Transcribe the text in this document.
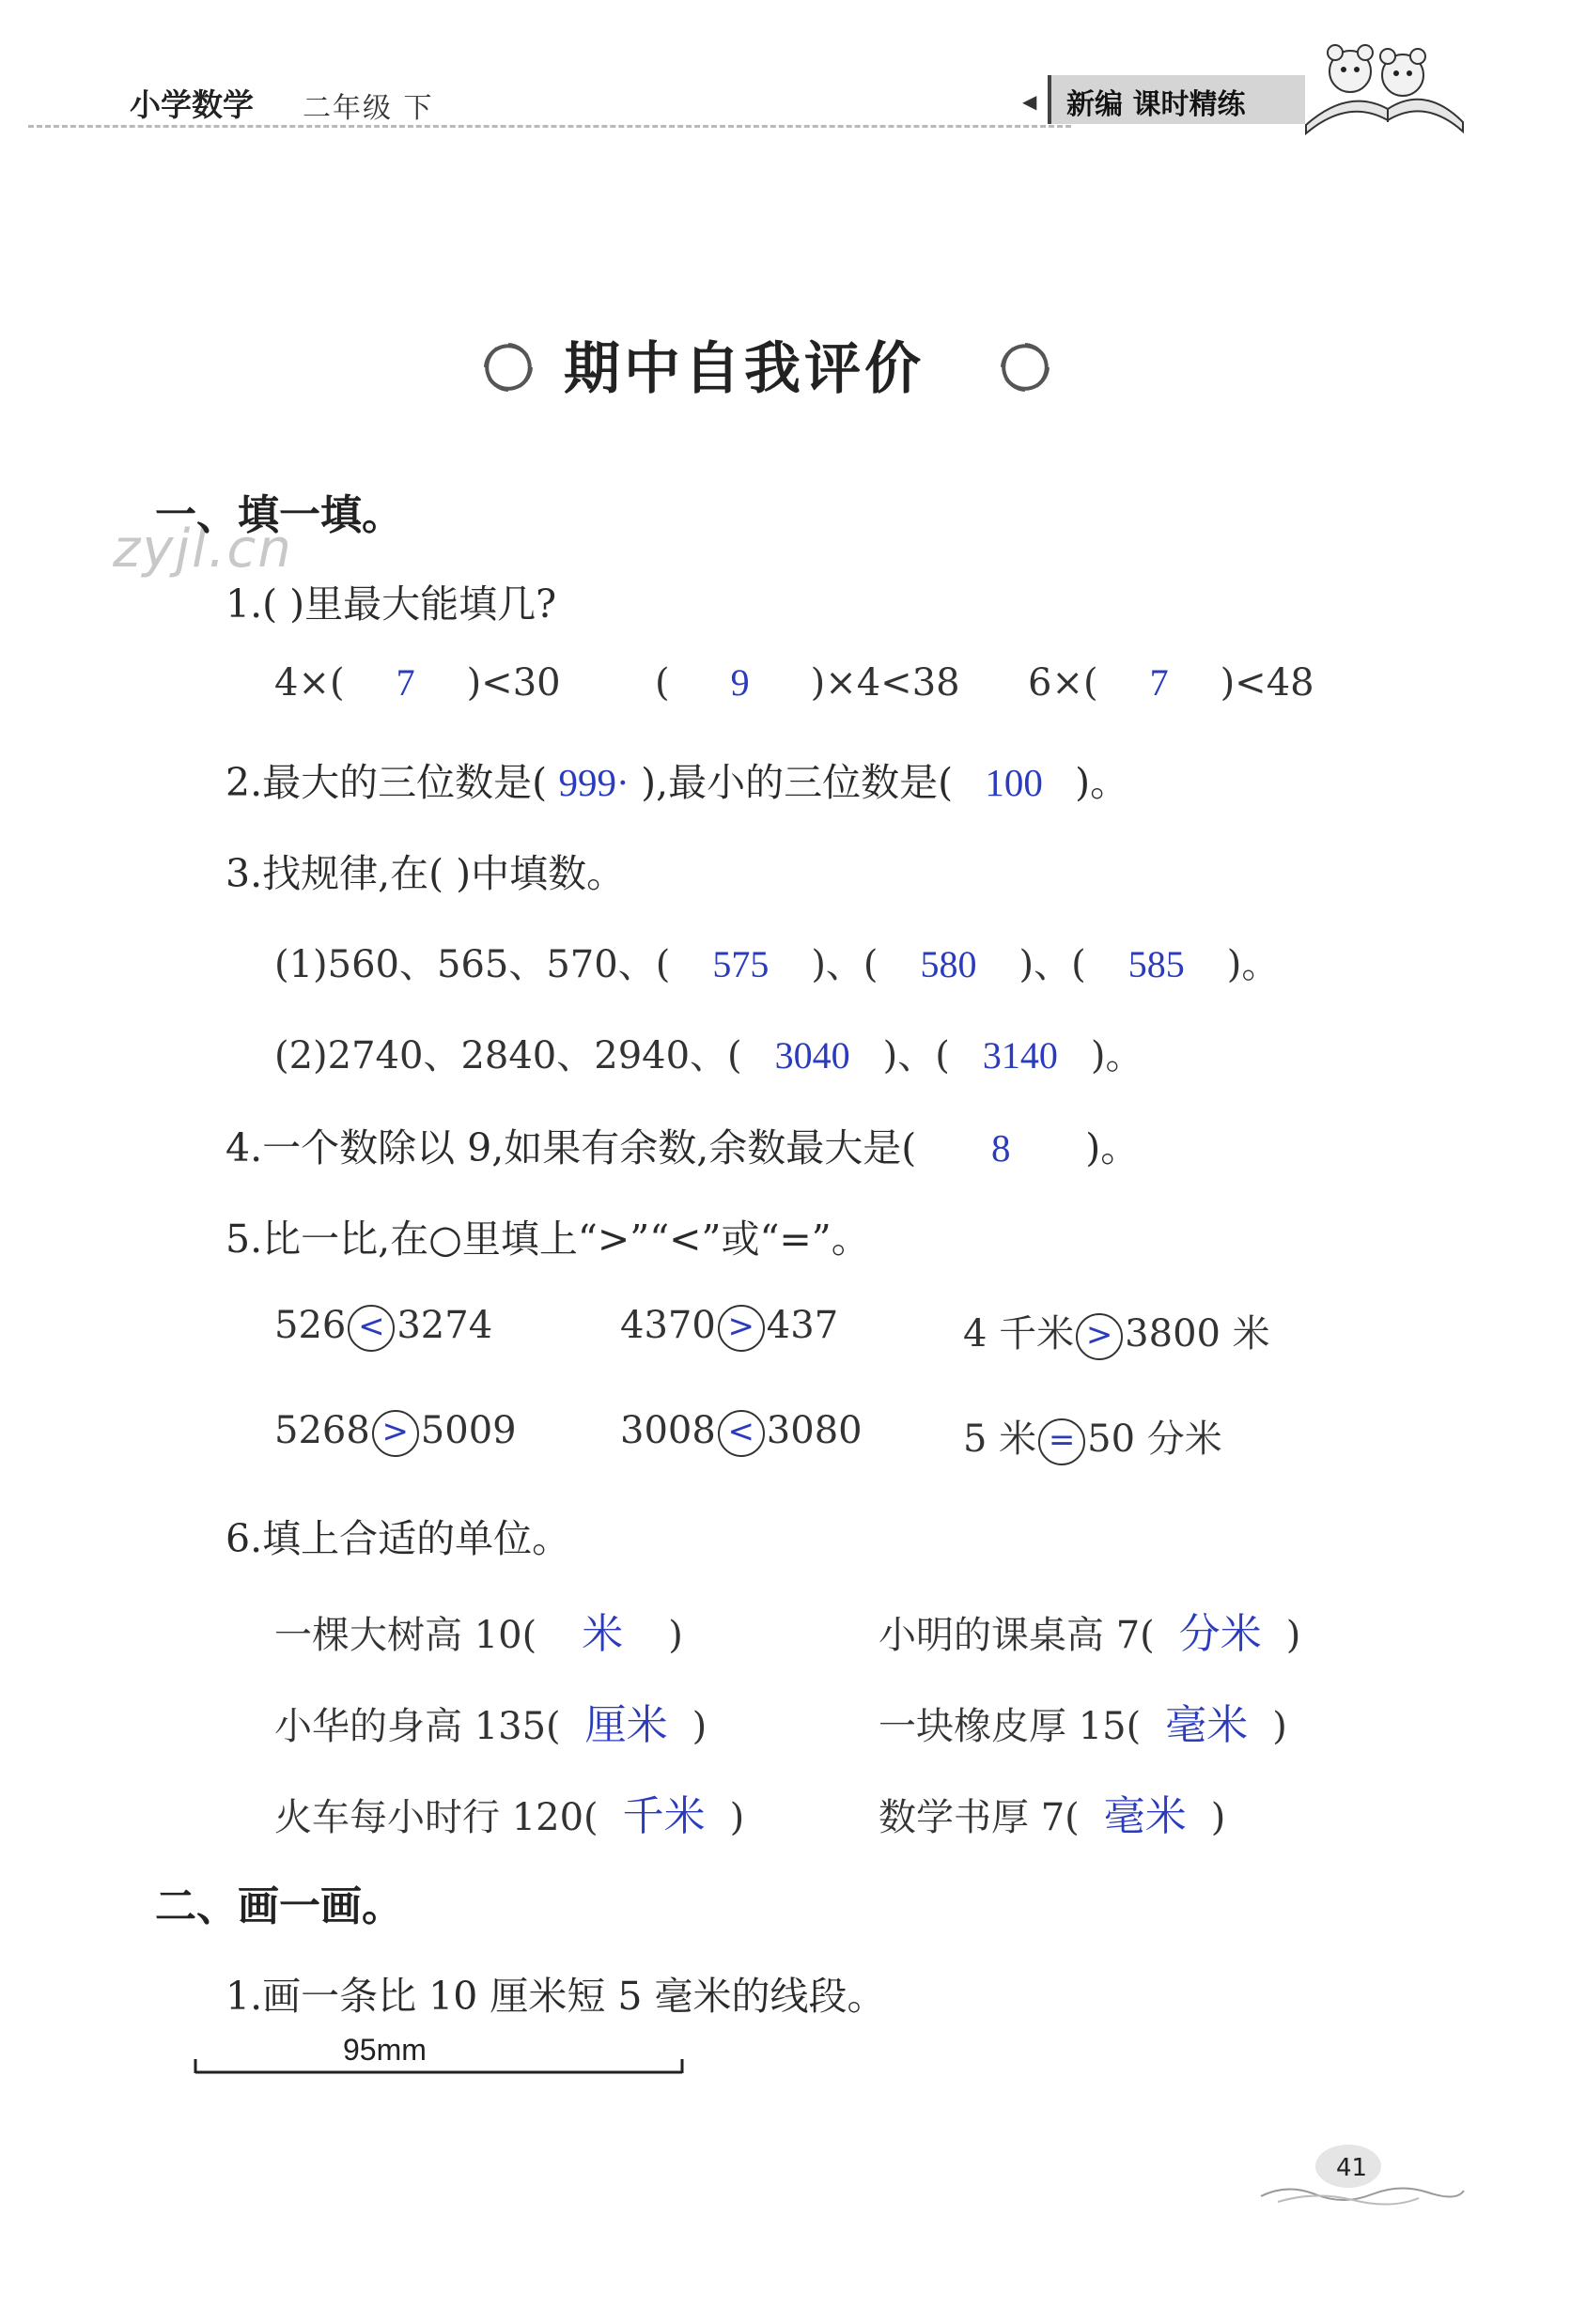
小学数学 二年级 下	◀ 新编 课时精练
期中自我评价
zyjl.cn
一、填一填。
1.( )里最大能填几?
4×( 7 )<30	( 9 )×4<38 6×( 7 )<48
2.最大的三位数是( 999· ),最小的三位数是( 100 )。
3.找规律,在( )中填数。
(1)560、565、570、( 575 )、( 580 )、( 585 )。
(2)2740、2840、2940、( 3040 )、( 3140 )。
4.一个数除以 9,如果有余数,余数最大是( 8 )。
5.比一比,在○里填上“>”“<”或“=”。
526 < 3274	4370 > 437	4 千米 > 3800 米
5268 > 5009	3008 < 3080	5 米 = 50 分米
6.填上合适的单位。
一棵大树高 10( 米 )	小明的课桌高 7( 分米 )
小华的身高 135( 厘米 )	一块橡皮厚 15( 毫米 )
火车每小时行 120( 千米 )	数学书厚 7( 毫米 )
二、画一画。
1.画一条比 10 厘米短 5 毫米的线段。
95mm
41
